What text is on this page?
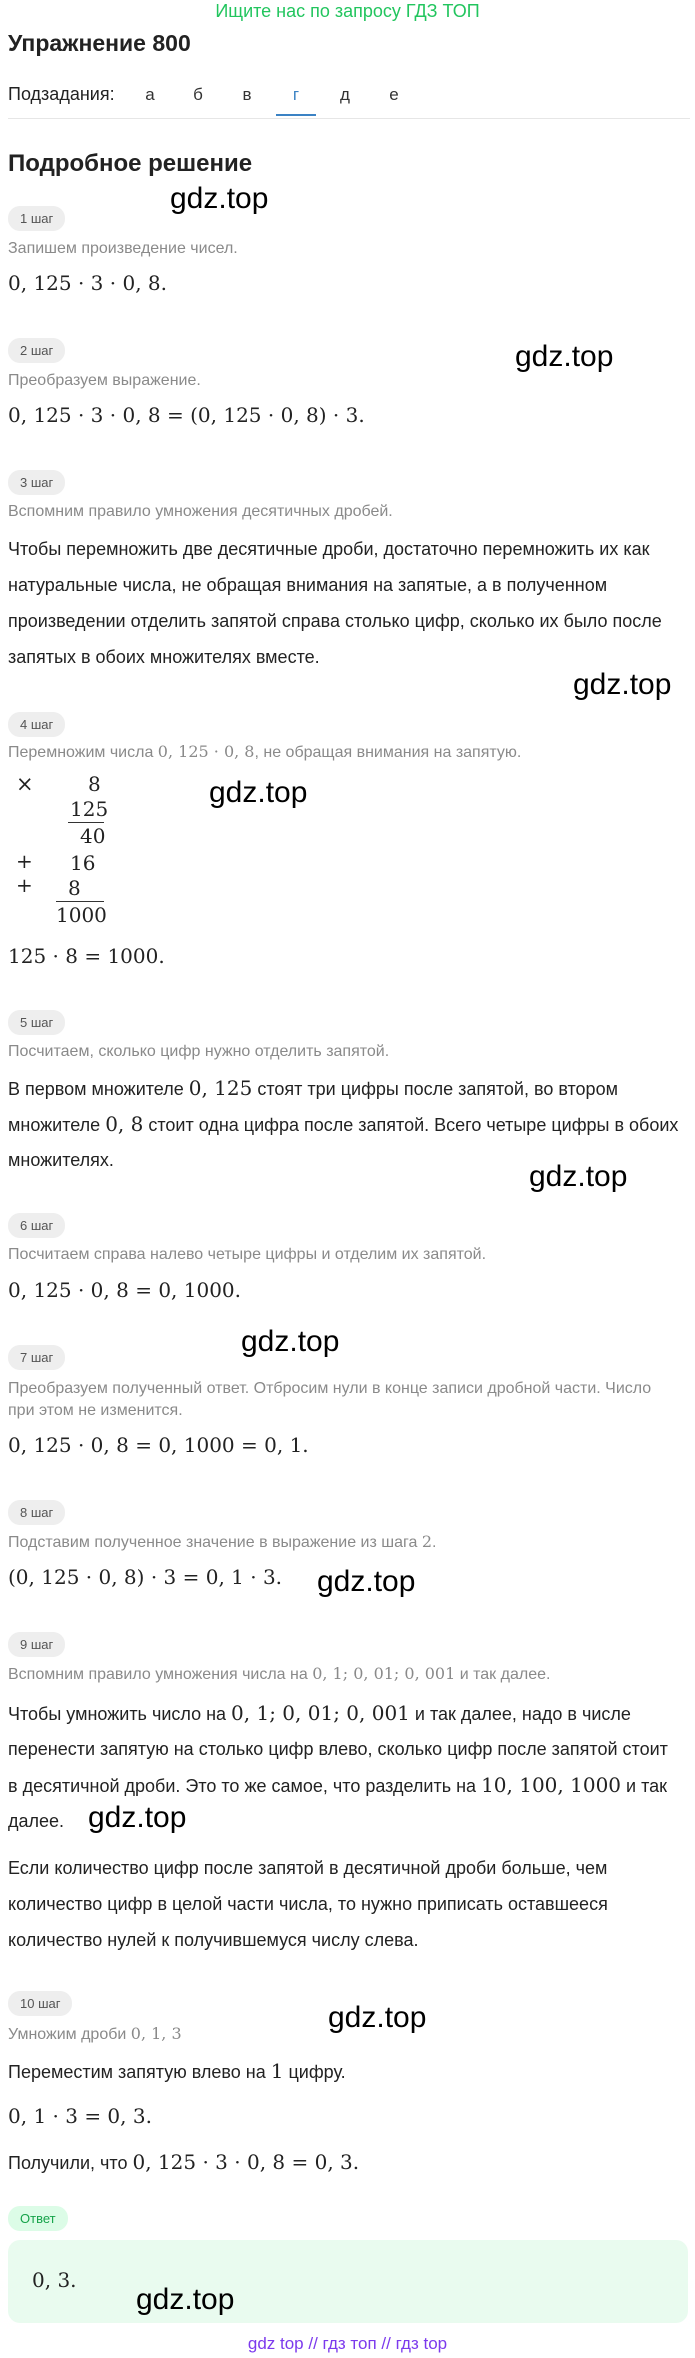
Ищите нас по запросу ГДЗ ТОП
Упражнение 800
Подзадания:	а	б	в	г	д	е
Подробное решение
1 шаг
Запишем произведение чисел.
0, 125 · 3 · 0, 8.
2 шаг
Преобразуем выражение.
0, 125 · 3 · 0, 8 = (0, 125 · 0, 8) · 3.
3 шаг
Вспомним правило умножения десятичных дробей.
Чтобы перемножить две десятичные дроби, достаточно перемножить их как
натуральные числа, не обращая внимания на запятые, а в полученном
произведении отделить запятой справа столько цифр, сколько их было после
запятых в обоих множителях вместе.
4 шаг
Перемножим числа 0, 125 · 0, 8, не обращая внимания на запятую.
×	8
125
40
+ 16
+ 8
1000
125 · 8 = 1000.
5 шаг
Посчитаем, сколько цифр нужно отделить запятой.
В первом множителе 0, 125 стоят три цифры после запятой, во втором
множителе 0, 8 стоит одна цифра после запятой. Всего четыре цифры в обоих
множителях.
6 шаг
Посчитаем справа налево четыре цифры и отделим их запятой.
0, 125 · 0, 8 = 0, 1000.
7 шаг
Преобразуем полученный ответ. Отбросим нули в конце записи дробной части. Число
при этом не изменится.
0, 125 · 0, 8 = 0, 1000 = 0, 1.
8 шаг
Подставим полученное значение в выражение из шага 2.
(0, 125 · 0, 8) · 3 = 0, 1 · 3.
9 шаг
Вспомним правило умножения числа на 0, 1; 0, 01; 0, 001 и так далее.
Чтобы умножить число на 0, 1; 0, 01; 0, 001 и так далее, надо в числе
перенести запятую на столько цифр влево, сколько цифр после запятой стоит
в десятичной дроби. Это то же самое, что разделить на 10, 100, 1000 и так
далее.
Если количество цифр после запятой в десятичной дроби больше, чем
количество цифр в целой части числа, то нужно приписать оставшееся
количество нулей к получившемуся числу слева.
10 шаг
Умножим дроби 0, 1, 3
Переместим запятую влево на 1 цифру.
0, 1 · 3 = 0, 3.
Получили, что 0, 125 · 3 · 0, 8 = 0, 3.
Ответ
0, 3.
gdz.top
gdz.top
gdz.top
gdz.top
gdz.top
gdz.top
gdz.top
gdz.top
gdz.top
gdz.top
gdz top // гдз топ // гдз top
